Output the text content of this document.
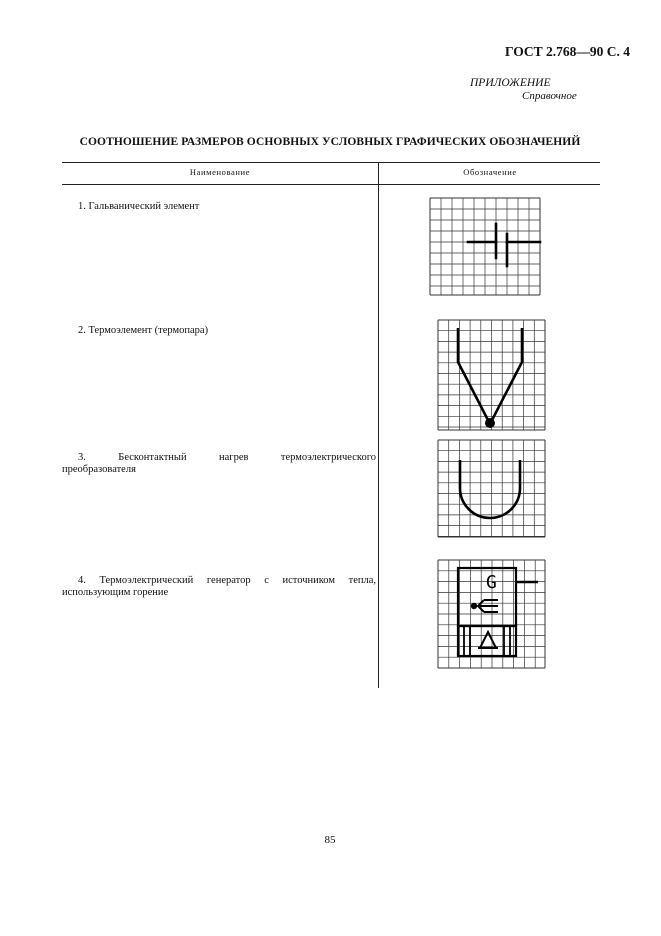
ГОСТ 2.768—90 С. 4
ПРИЛОЖЕНИЕ
Справочное
СООТНОШЕНИЕ РАЗМЕРОВ ОСНОВНЫХ УСЛОВНЫХ ГРАФИЧЕСКИХ ОБОЗНАЧЕНИЙ
Наименование	Обозначение
1. Гальванический элемент
2. Термоэлемент (термопара)
3. Бесконтактный нагрев термоэлектрического
преобразователя
4. Термоэлектрический генератор с источником тепла,
использующим горение	G
85
